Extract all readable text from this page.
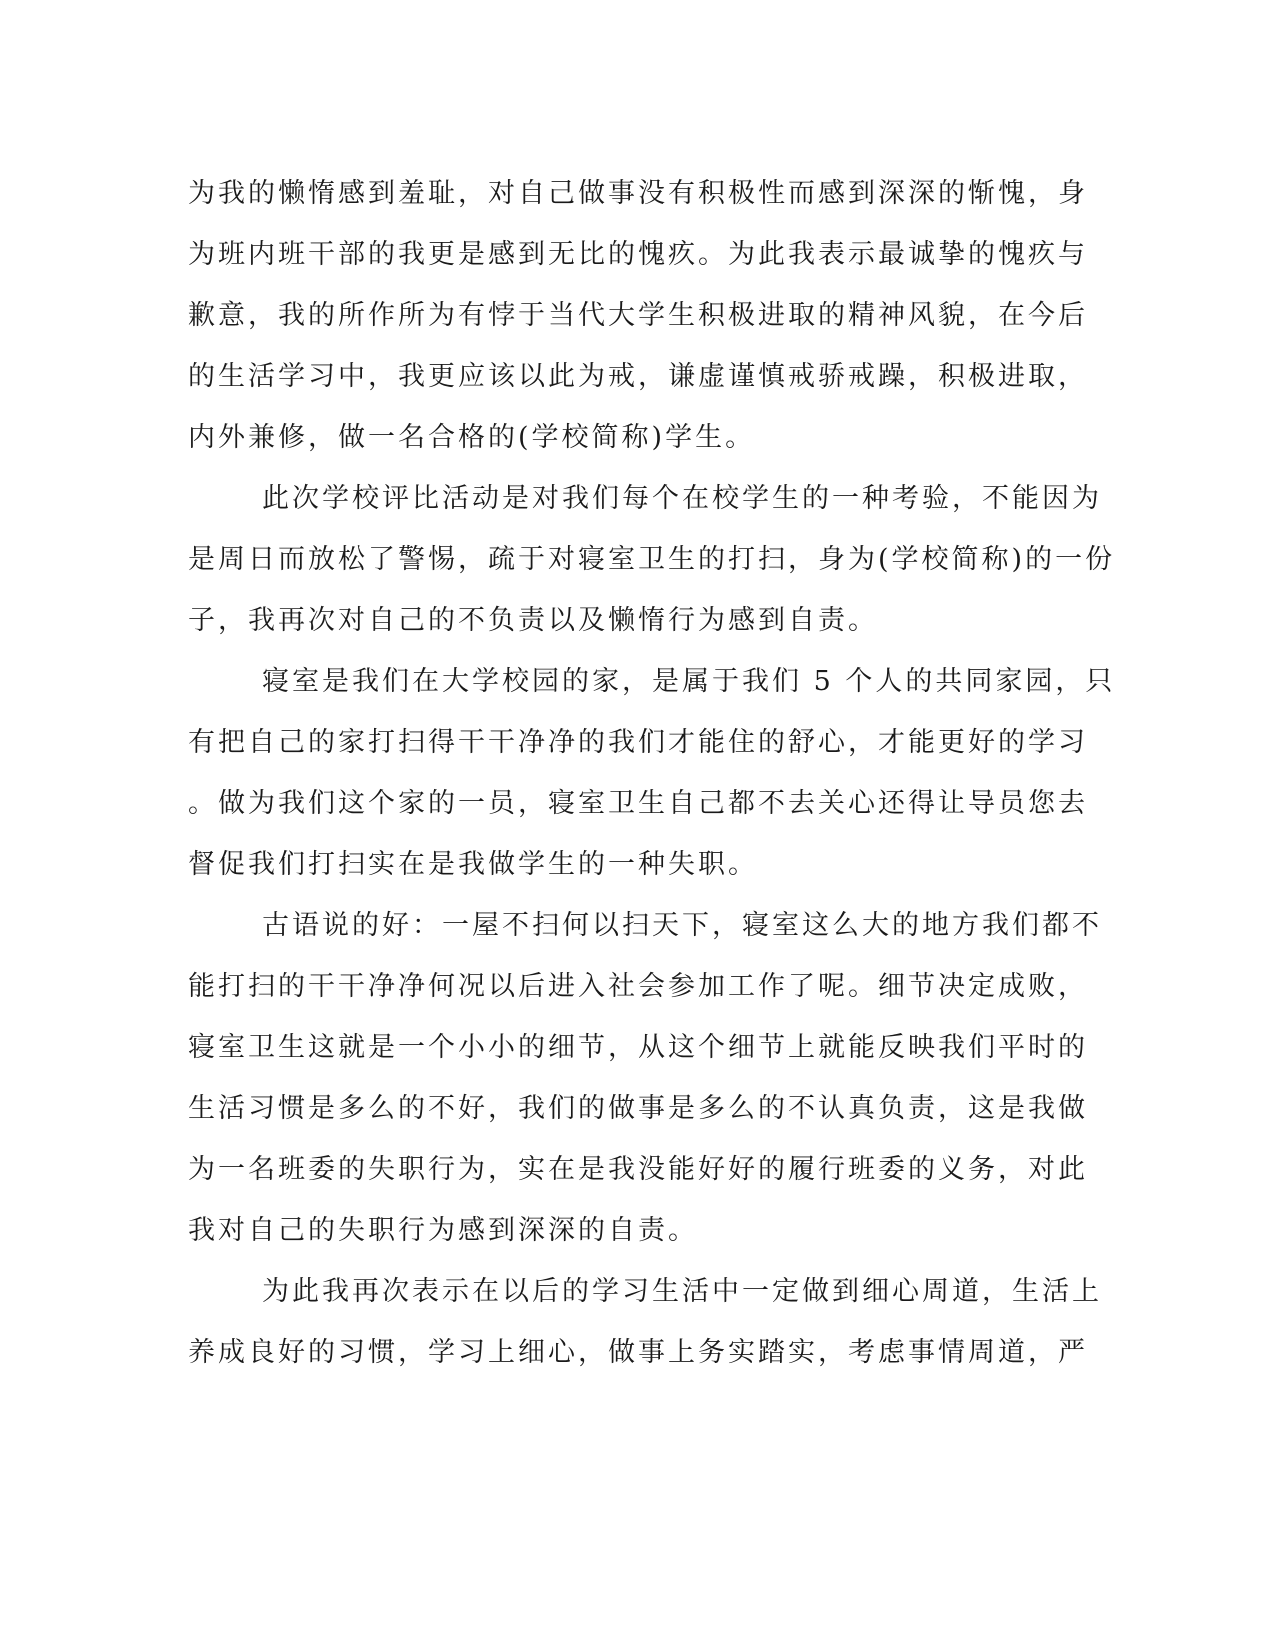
为我的懒惰感到羞耻，对自己做事没有积极性而感到深深的惭愧，身
为班内班干部的我更是感到无比的愧疚。为此我表示最诚挚的愧疚与
歉意，我的所作所为有悖于当代大学生积极进取的精神风貌，在今后
的生活学习中，我更应该以此为戒，谦虚谨慎戒骄戒躁，积极进取，
内外兼修，做一名合格的(学校简称)学生。
此次学校评比活动是对我们每个在校学生的一种考验，不能因为
是周日而放松了警惕，疏于对寝室卫生的打扫，身为(学校简称)的一份
子，我再次对自己的不负责以及懒惰行为感到自责。
寝室是我们在大学校园的家，是属于我们 5 个人的共同家园，只
有把自己的家打扫得干干净净的我们才能住的舒心，才能更好的学习
。做为我们这个家的一员，寝室卫生自己都不去关心还得让导员您去
督促我们打扫实在是我做学生的一种失职。
古语说的好：一屋不扫何以扫天下，寝室这么大的地方我们都不
能打扫的干干净净何况以后进入社会参加工作了呢。细节决定成败，
寝室卫生这就是一个小小的细节，从这个细节上就能反映我们平时的
生活习惯是多么的不好，我们的做事是多么的不认真负责，这是我做
为一名班委的失职行为，实在是我没能好好的履行班委的义务，对此
我对自己的失职行为感到深深的自责。
为此我再次表示在以后的学习生活中一定做到细心周道，生活上
养成良好的习惯，学习上细心，做事上务实踏实，考虑事情周道，严
